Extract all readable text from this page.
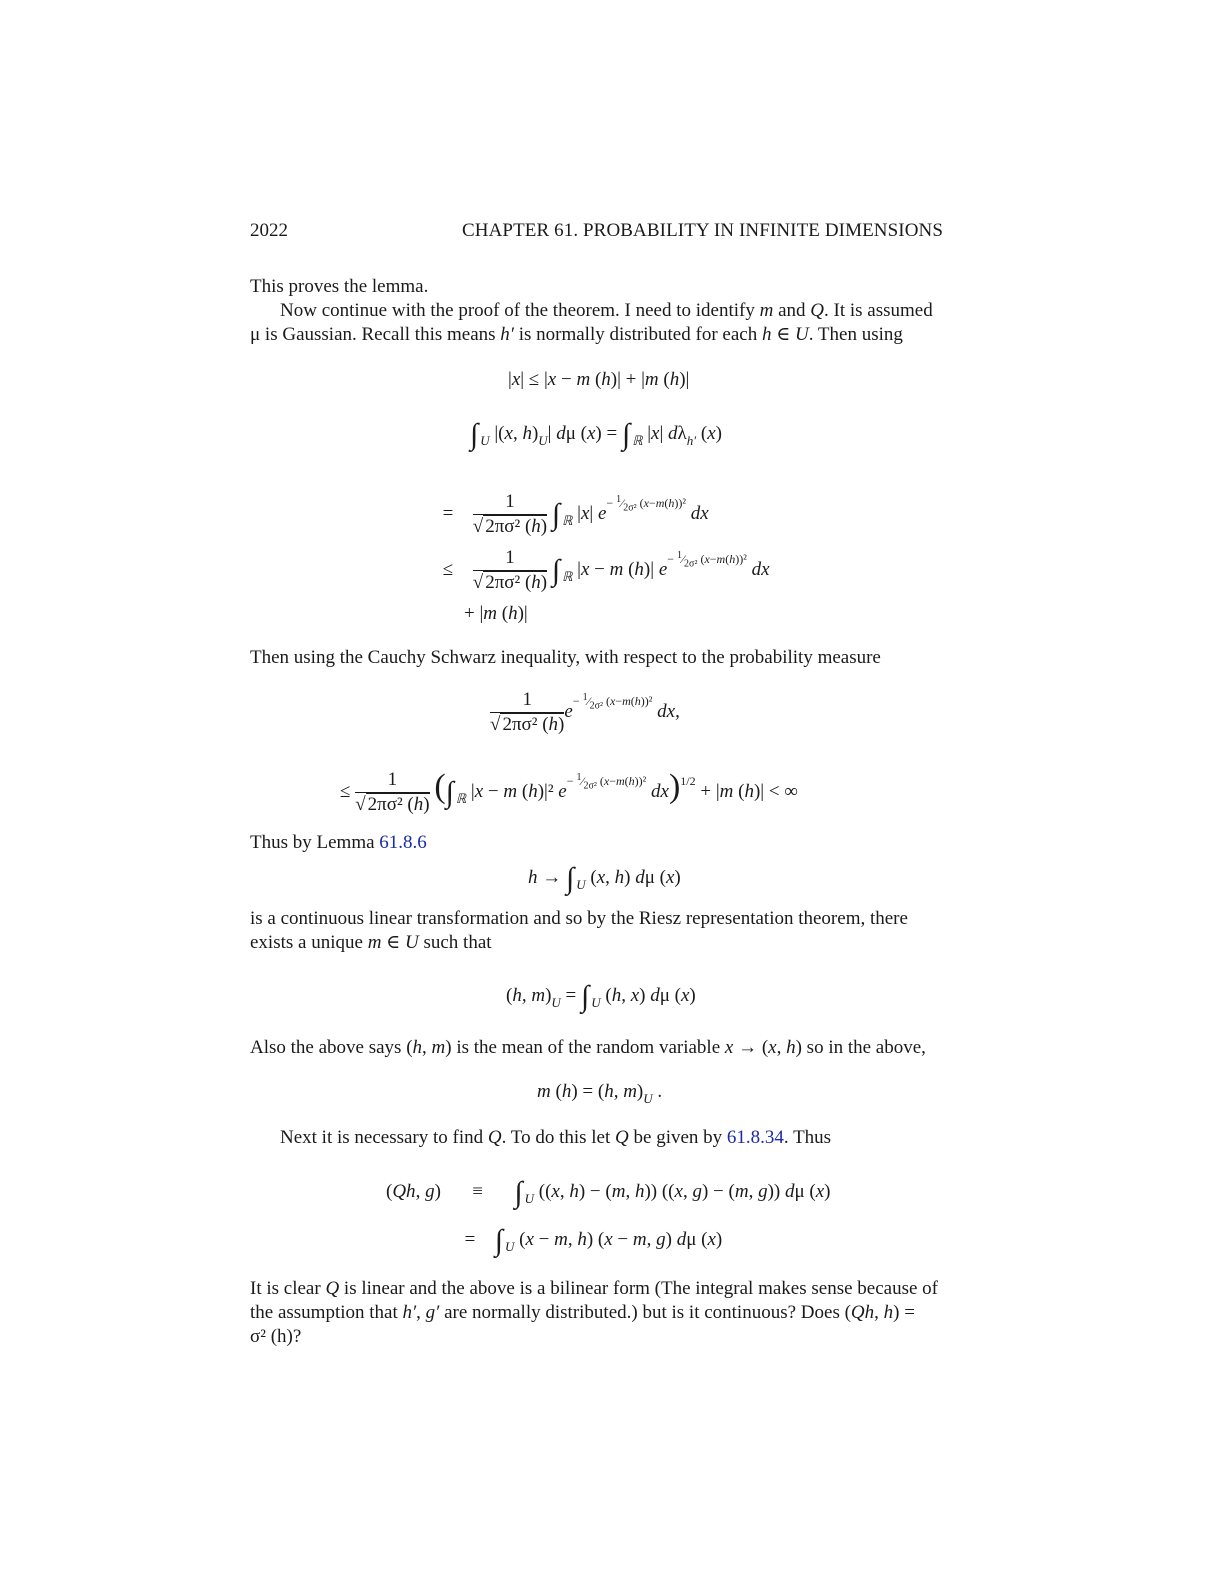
2022	CHAPTER 61. PROBABILITY IN INFINITE DIMENSIONS
This proves the lemma.
Now continue with the proof of the theorem. I need to identify m and Q. It is assumed
μ is Gaussian. Recall this means h′ is normally distributed for each h ∈ U. Then using
|x| ≤ |x − m (h)| + |m (h)|
∫ $_U$ |(x, $h)_U|$ dμ (x) = ∫ $_ℝ$ |x| $d\lambda_{h'}$ (x)
= $\frac{1}{\text{√ 2πσ² (h)}}$ ∫ $_ℝ$ |x| $e^{- ^1⁄_{2\sigma^2} (x-m(h))^2}$ dx
≤ $\frac{1}{\text{√ 2πσ² (h)}}$ ∫ $_ℝ$ |x − m (h)| $e^{- ^1⁄_{2\sigma^2} (x-m(h))^2}$ dx
+ |m (h)|
Then using the Cauchy Schwarz inequality, with respect to the probability measure
$\frac{1}{\text{√ 2πσ² (h)}} e^{- ^1⁄_{2\sigma^2} (x-m(h))^2}$ dx,
≤ $\frac{1}{\text{√ 2πσ² (h)}}$ (∫ $_ℝ$ |x − m (h)|² $e^{- ^1⁄_{2\sigma^2} (x-m(h))^2}$ dx)$^{1/2}$ + |m (h)| < ∞
Thus by Lemma 61.8.6
h → ∫ $_U$ (x, h) dμ (x)
is a continuous linear transformation and so by the Riesz representation theorem, there
exists a unique m ∈ U such that
(h, $m)_U$ = ∫ $_U$ (h, x) dμ (x)
Also the above says (h, m) is the mean of the random variable x → (x, h) so in the above,
m (h) = (h, $m)_U$ .
Next it is necessary to find Q. To do this let Q be given by 61.8.34. Thus
(Qh, g) ≡ ∫ $_U$ ((x, h) − (m, h)) ((x, g) − (m, g)) dμ (x)
= ∫ $_U$ (x − m, h) (x − m, g) dμ (x)
It is clear Q is linear and the above is a bilinear form (The integral makes sense because of
the assumption that h′, g′ are normally distributed.) but is it continuous? Does (Qh, h) =
σ² (h)?
